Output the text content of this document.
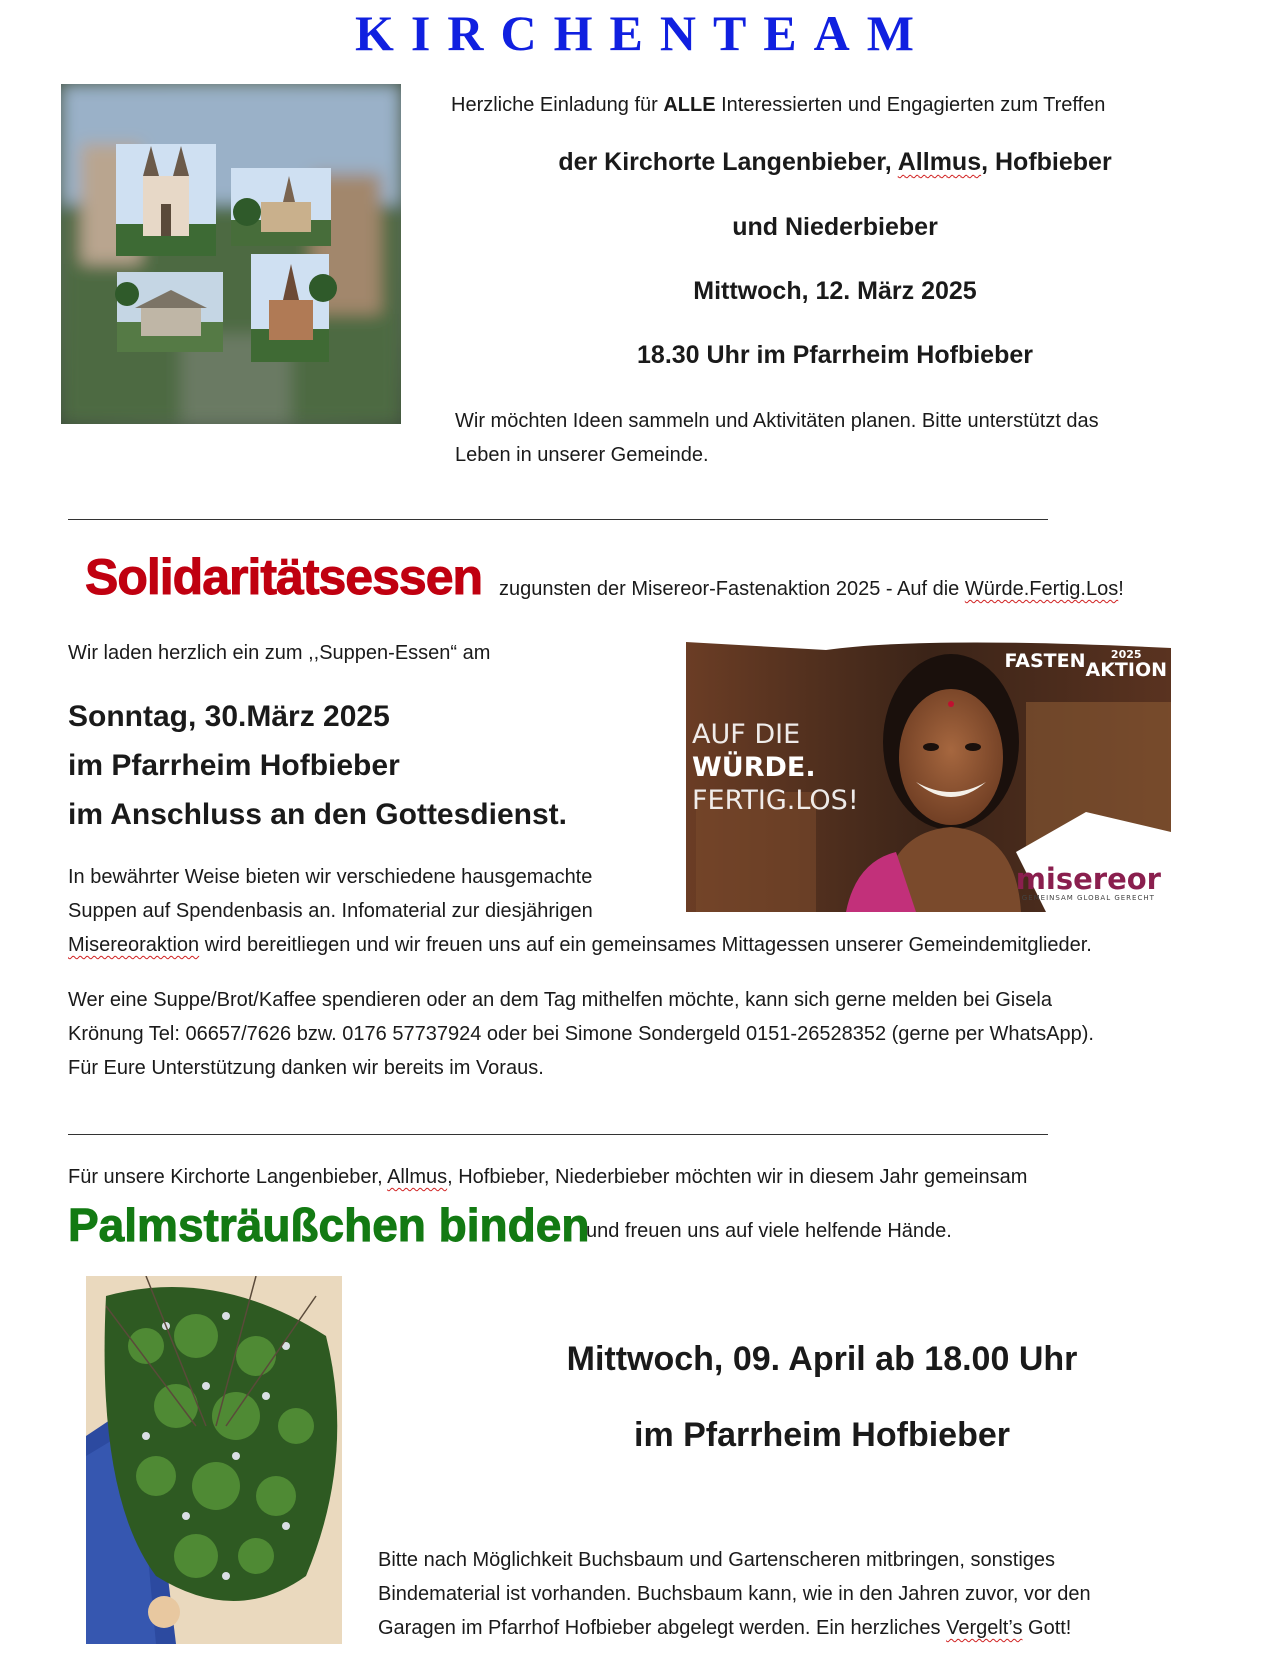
KIRCHENTEAM
Herzliche Einladung für ALLE Interessierten und Engagierten zum Treffen
der Kirchorte Langenbieber, Allmus, Hofbieber
und Niederbieber
Mittwoch, 12. März 2025
18.30 Uhr im Pfarrheim Hofbieber
Wir möchten Ideen sammeln und Aktivitäten planen. Bitte unterstützt das
Leben in unserer Gemeinde.
Solidaritätsessen zugunsten der Misereor-Fastenaktion 2025 - Auf die Würde.Fertig.Los!
Wir laden herzlich ein zum ,,Suppen-Essen“ am
Sonntag, 30.März 2025
im Pfarrheim Hofbieber
im Anschluss an den Gottesdienst.
FASTEN	2025
AKTION
AUF DIE
WÜRDE.
FERTIG.LOS!
misereor
GEMEINSAM GLOBAL GERECHT
In bewährter Weise bieten wir verschiedene hausgemachte
Suppen auf Spendenbasis an. Infomaterial zur diesjährigen
Misereoraktion wird bereitliegen und wir freuen uns auf ein gemeinsames Mittagessen unserer Gemeindemitglieder.
Wer eine Suppe/Brot/Kaffee spendieren oder an dem Tag mithelfen möchte, kann sich gerne melden bei Gisela
Krönung Tel: 06657/7626 bzw. 0176 57737924 oder bei Simone Sondergeld 0151-26528352 (gerne per WhatsApp).
Für Eure Unterstützung danken wir bereits im Voraus.
Für unsere Kirchorte Langenbieber, Allmus, Hofbieber, Niederbieber möchten wir in diesem Jahr gemeinsam
Palmsträußchen binden
und freuen uns auf viele helfende Hände.
Mittwoch, 09. April ab 18.00 Uhr
im Pfarrheim Hofbieber
Bitte nach Möglichkeit Buchsbaum und Gartenscheren mitbringen, sonstiges
Bindematerial ist vorhanden. Buchsbaum kann, wie in den Jahren zuvor, vor den
Garagen im Pfarrhof Hofbieber abgelegt werden. Ein herzliches Vergelt’s Gott!
